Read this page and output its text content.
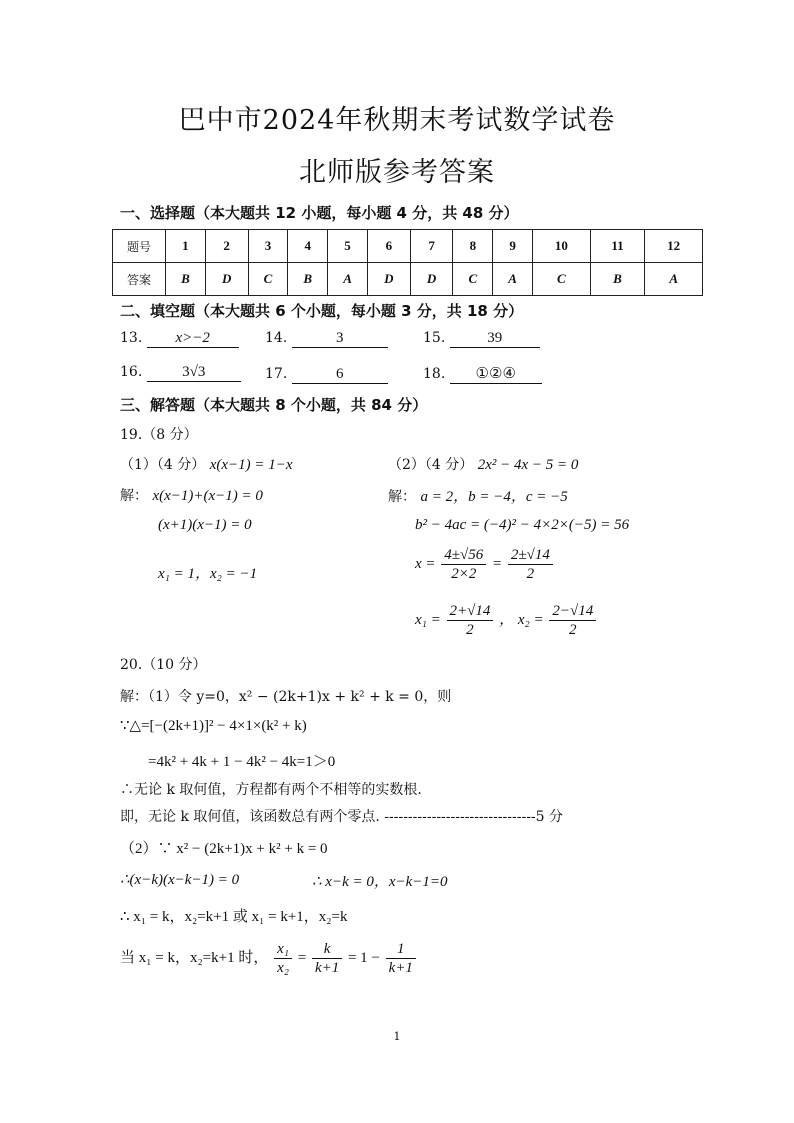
巴中市2024年秋期末考试数学试卷
北师版参考答案
一、选择题（本大题共 12 小题，每小题 4 分，共 48 分）
题号	1	2	3	4	5	6	7	8	9	10	11	12
答案	B	D	C	B	A	D	D	C	A	C	B	A
二、填空题（本大题共 6 个小题，每小题 3 分，共 18 分）
13. x>−2	14.	3	15.	39
16.	3√3	17.	6	18. ①②④
三、解答题（本大题共 8 个小题，共 84 分）
19.（8 分）
（1）（4 分） x(x−1) = 1−x
解： x(x−1)+(x−1) = 0
(x+1)(x−1) = 0
x₁ = 1，x₂ = −1
（2）（4 分） 2x² − 4x − 5 = 0
解： a = 2，b = −4，c = −5
b² − 4ac = (−4)² − 4×2×(−5) = 56
$x = \frac{4\pm√56}{2\times 2} = \frac{2\pm√14}{2}$
$x_1 = \frac{2+√14}{2}$ ， $x_2 = \frac{2-√14}{2}$
20.（10 分）
解：（1）令 y=0，x² − (2k+1)x + k² + k = 0，则
∵△=[−(2k+1)]² − 4×1×(k² + k)
=4k² + 4k + 1 − 4k² − 4k=1＞0
∴无论 k 取何值，方程都有两个不相等的实数根.
即，无论 k 取何值，该函数总有两个零点. --------------------------------5 分
（2）∵ x² − (2k+1)x + k² + k = 0
∴(x−k)(x−k−1) = 0	∴ x−k = 0，x−k−1=0
∴ x₁ = k，x₂=k+1 或 x₁ = k+1，x₂=k
当 x₁ = k，x₂=k+1 时， $\frac{\text{x₁}}{\text{x₂}} = \frac{k}{k+1} = 1 - \frac{1}{k+1}$
1
